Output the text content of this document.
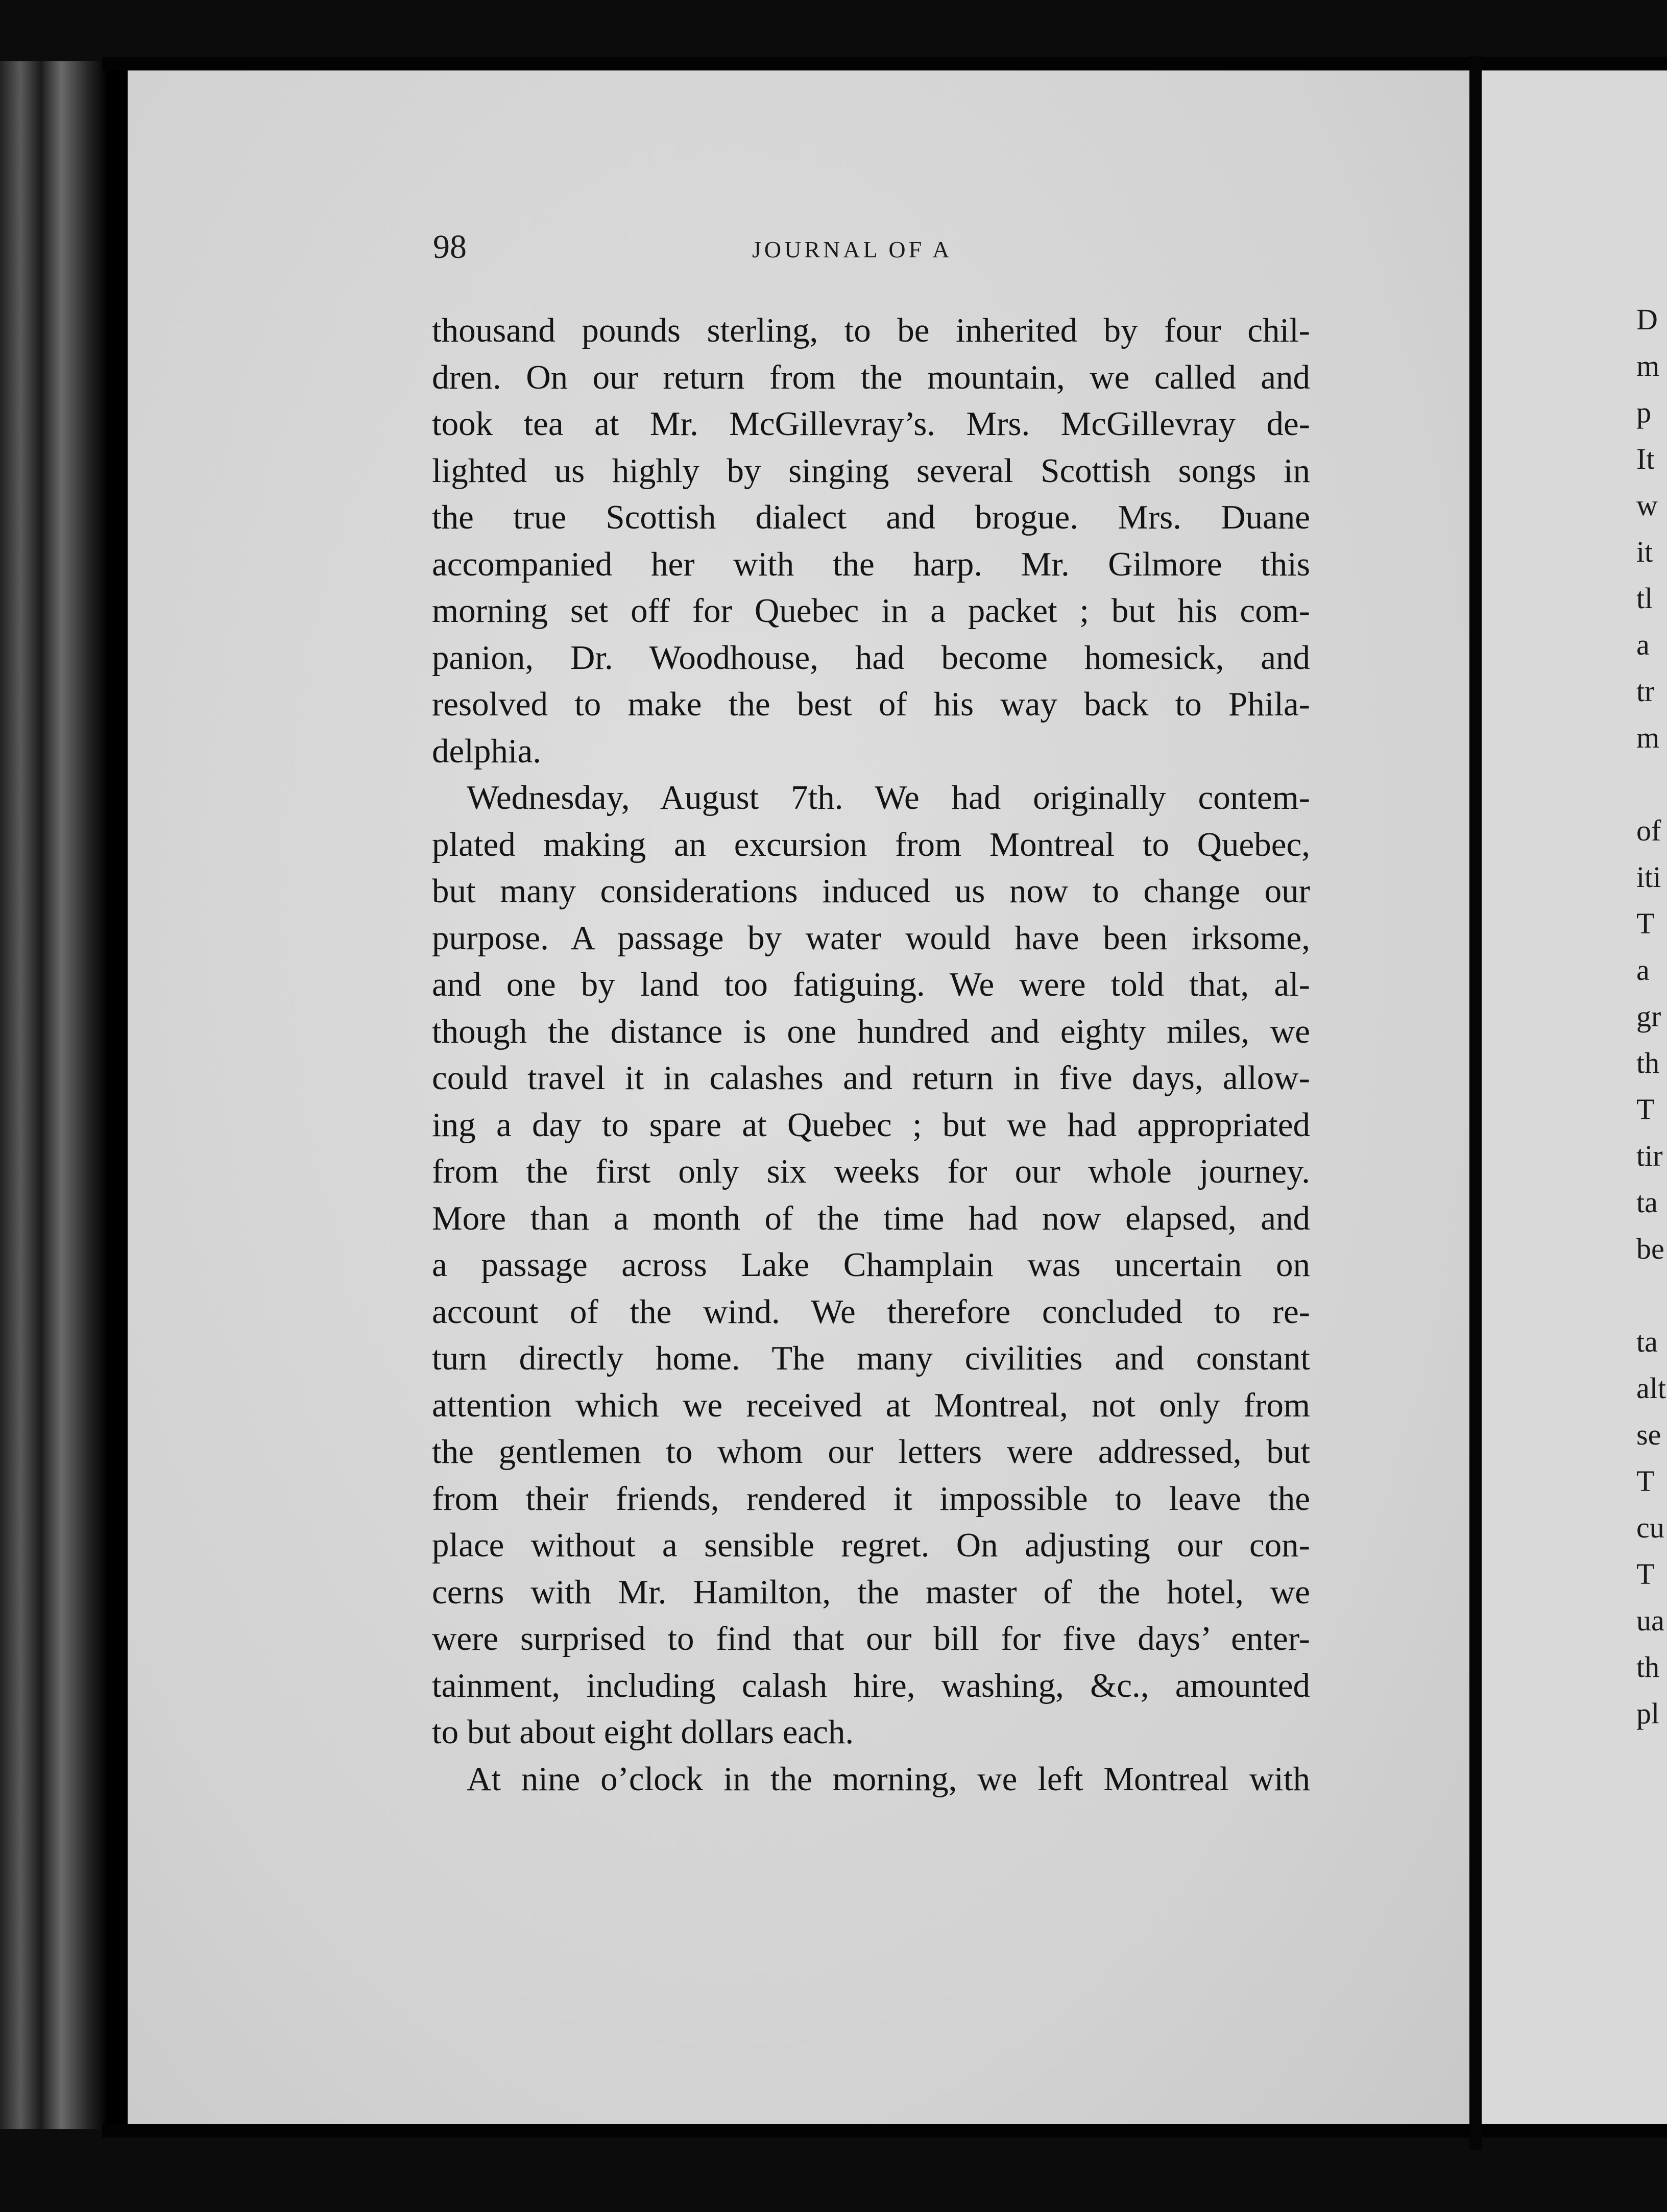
98	JOURNAL OF A
thousand pounds sterling, to be inherited by four chil-
dren. On our return from the mountain, we called and
took tea at Mr. McGillevray’s. Mrs. McGillevray de-
lighted us highly by singing several Scottish songs in
the true Scottish dialect and brogue. Mrs. Duane
accompanied her with the harp. Mr. Gilmore this
morning set off for Quebec in a packet ; but his com-
panion, Dr. Woodhouse, had become homesick, and
resolved to make the best of his way back to Phila-
delphia.
Wednesday, August 7th. We had originally contem-
plated making an excursion from Montreal to Quebec,
but many considerations induced us now to change our
purpose. A passage by water would have been irksome,
and one by land too fatiguing. We were told that, al-
though the distance is one hundred and eighty miles, we
could travel it in calashes and return in five days, allow-
ing a day to spare at Quebec ; but we had appropriated
from the first only six weeks for our whole journey.
More than a month of the time had now elapsed, and
a passage across Lake Champlain was uncertain on
account of the wind. We therefore concluded to re-
turn directly home. The many civilities and constant
attention which we received at Montreal, not only from
the gentlemen to whom our letters were addressed, but
from their friends, rendered it impossible to leave the
place without a sensible regret. On adjusting our con-
cerns with Mr. Hamilton, the master of the hotel, we
were surprised to find that our bill for five days’ enter-
tainment, including calash hire, washing, &c., amounted
to but about eight dollars each.
At nine o’clock in the morning, we left Montreal with
D
m
p
It
w
it
tl
a
tr
m
of
iti
T
a
gr
th
T
tir
ta
be
ta
alt
se
T
cu
T
ua
th
pl
